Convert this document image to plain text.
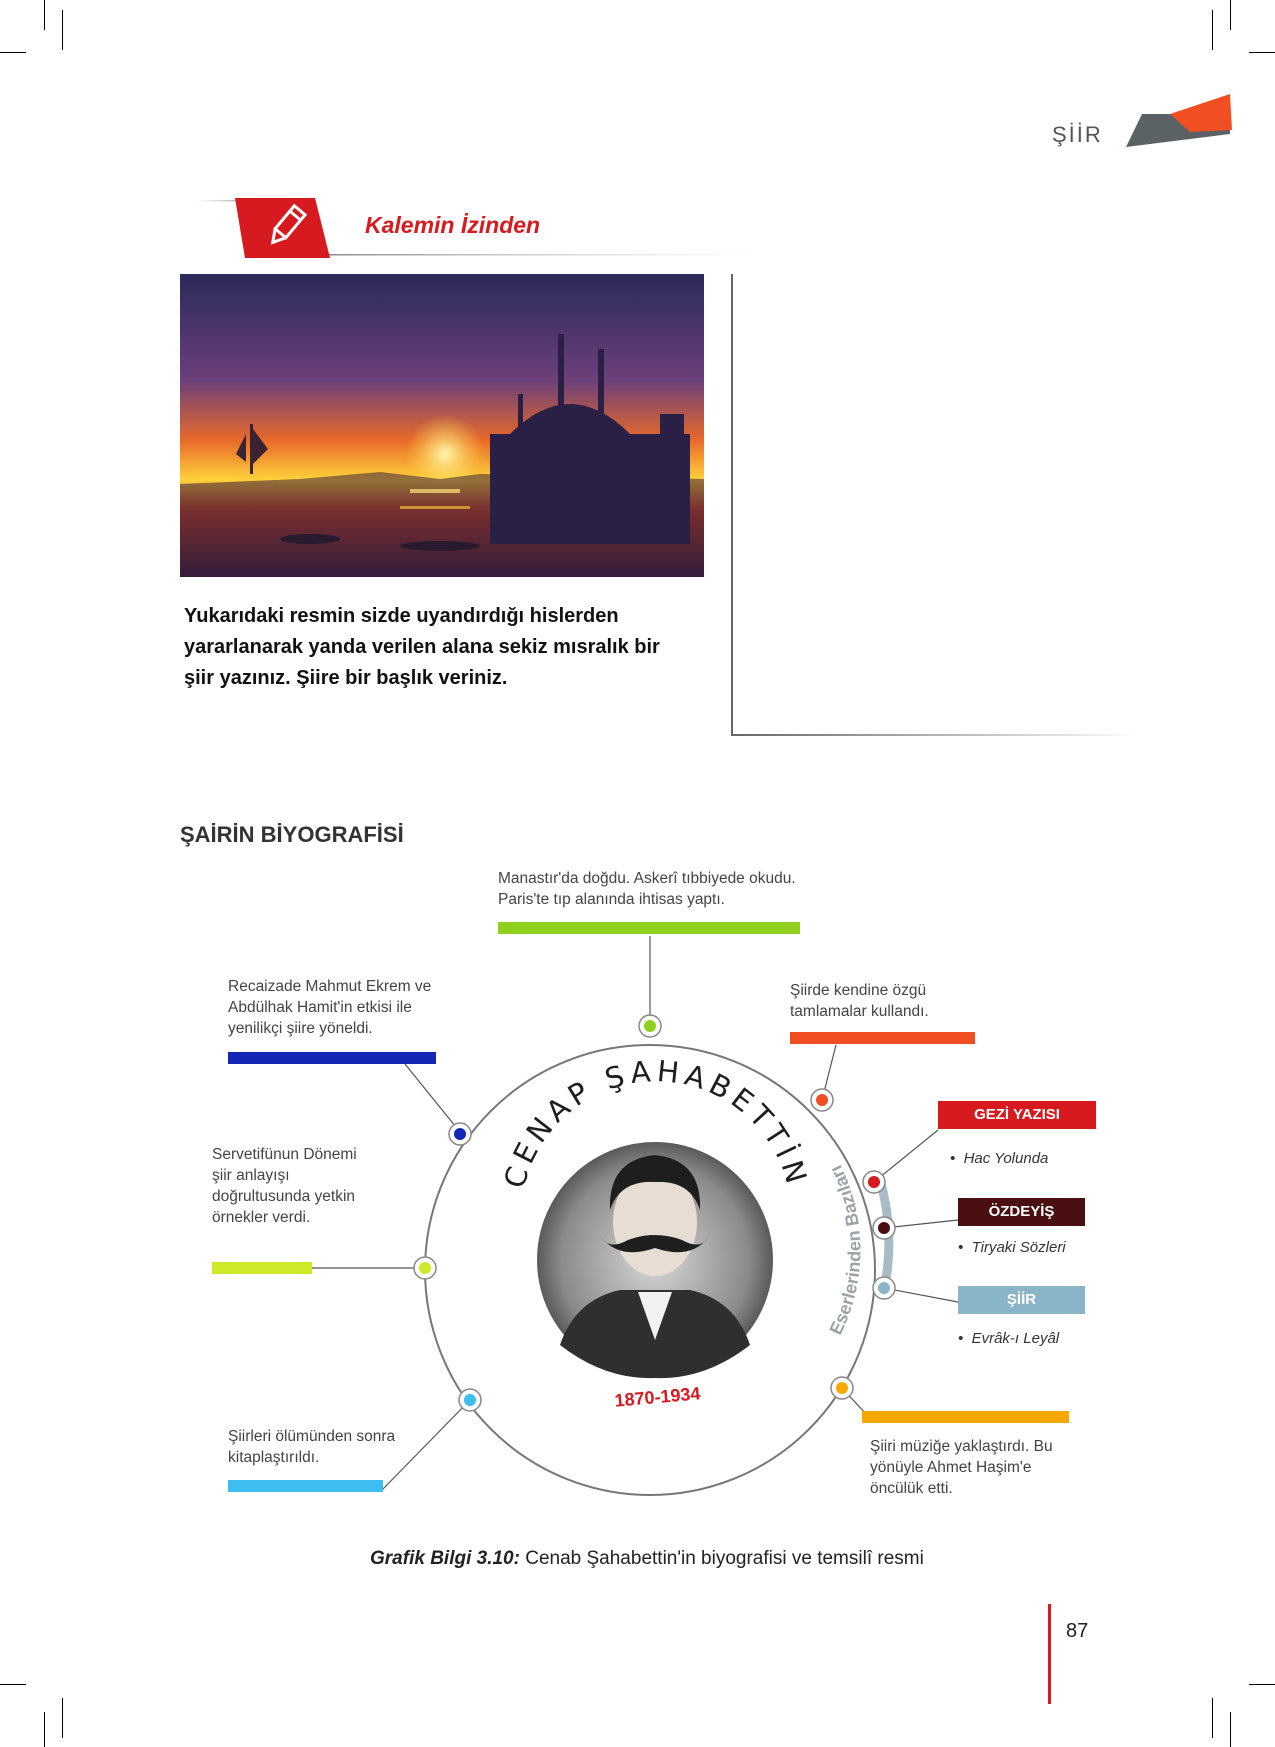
ŞİİR
Kalemin İzinden
Yukarıdaki resmin sizde uyandırdığı hislerden yararlanarak yanda verilen alana sekiz mısralık bir şiir yazınız. Şiire bir başlık veriniz.
ŞAİRİN BİYOGRAFİSİ
CENAP ŞAHABETTİN
Eserlerinden Bazıları
1870-1934
Manastır'da doğdu. Askerî tıbbiyede okudu. Paris'te tıp alanında ihtisas yaptı.
Recaizade Mahmut Ekrem ve Abdülhak Hamit'in etkisi ile yenilikçi şiire yöneldi.
Servetifünun Dönemi şiir anlayışı doğrultusunda yetkin örnekler verdi.
Şiirleri ölümünden sonra kitaplaştırıldı.
Şiirde kendine özgü tamlamalar kullandı.
Şiiri müziğe yaklaştırdı. Bu yönüyle Ahmet Haşim'e öncülük etti.
GEZİ YAZISI
•  Hac Yolunda
ÖZDEYİŞ
•  Tiryaki Sözleri
ŞİİR
•  Evrâk-ı Leyâl
Grafik Bilgi 3.10: Cenab Şahabettin'in biyografisi ve temsilî resmi
87
